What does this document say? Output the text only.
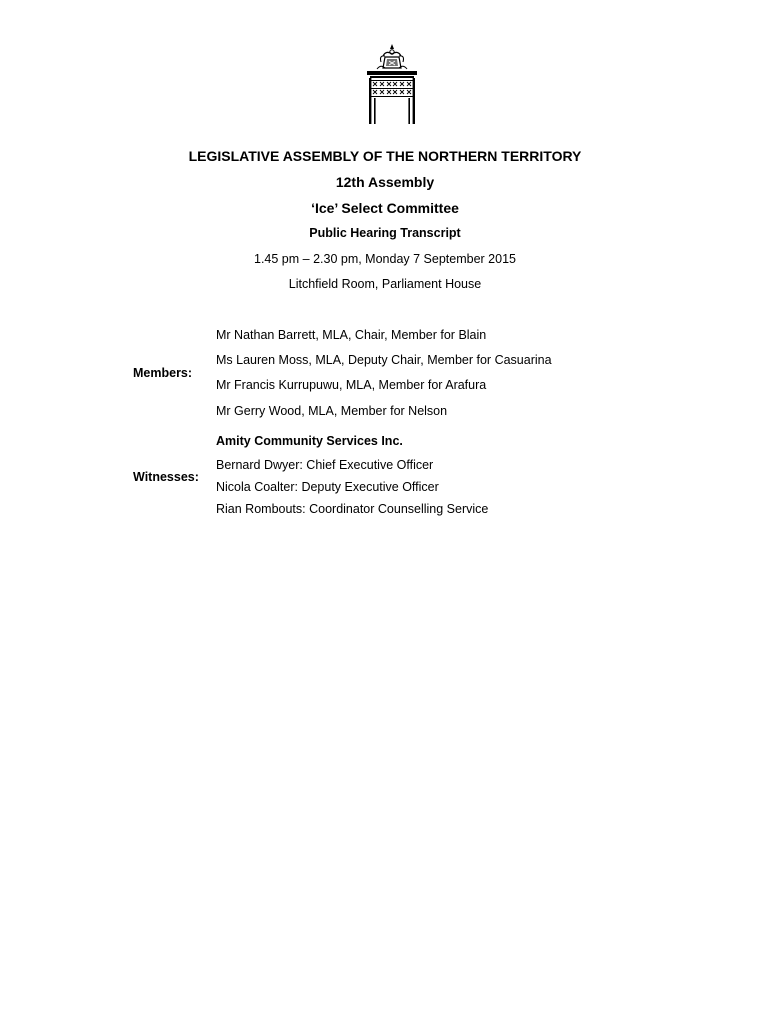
LEGISLATIVE ASSEMBLY OF THE NORTHERN TERRITORY
12th Assembly
‘Ice’ Select Committee
Public Hearing Transcript
1.45 pm – 2.30 pm, Monday 7 September 2015
Litchfield Room, Parliament House
Members:
Mr Nathan Barrett, MLA, Chair, Member for Blain
Ms Lauren Moss, MLA, Deputy Chair, Member for Casuarina
Mr Francis Kurrupuwu, MLA, Member for Arafura
Mr Gerry Wood, MLA, Member for Nelson
Witnesses:
Amity Community Services Inc.
Bernard Dwyer: Chief Executive Officer
Nicola Coalter: Deputy Executive Officer
Rian Rombouts: Coordinator Counselling Service
